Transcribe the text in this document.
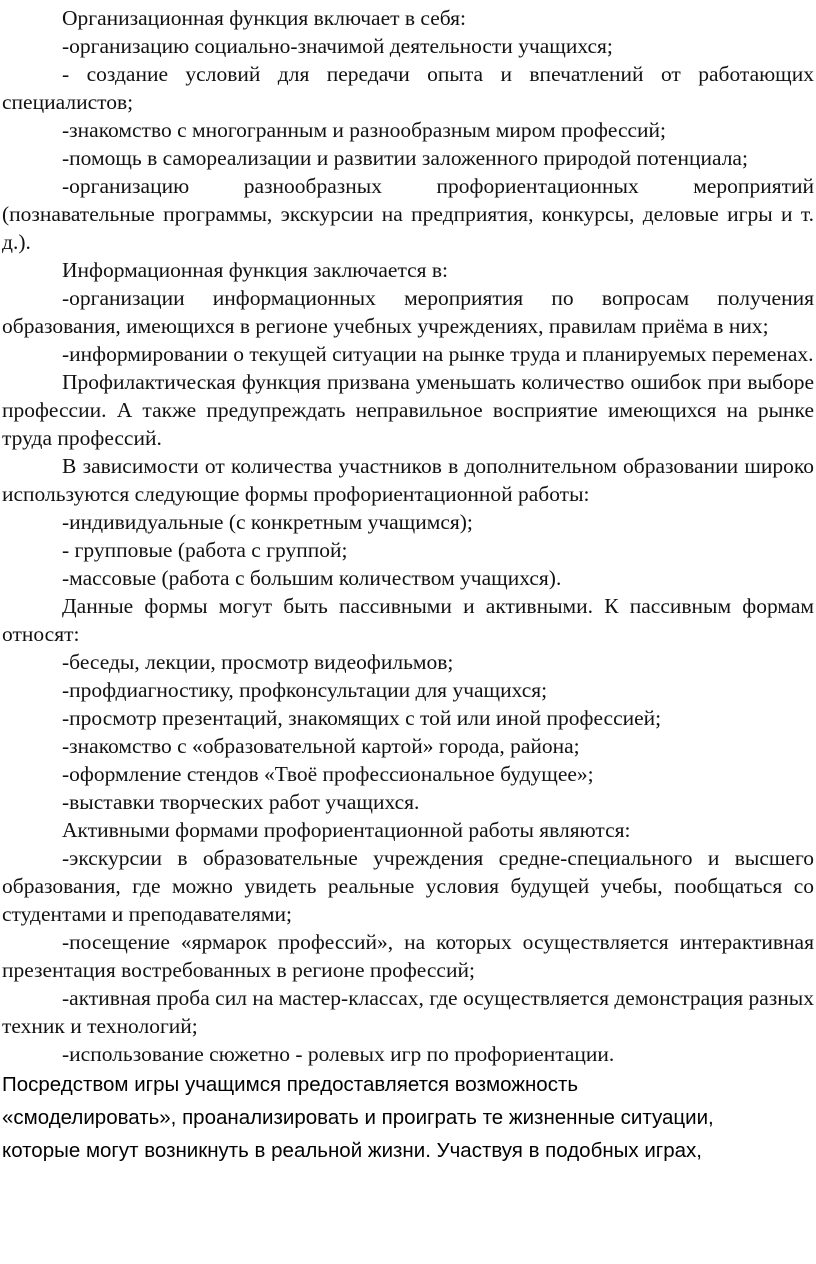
Организационная функция включает в себя:

-организацию социально-значимой деятельности учащихся;

- создание условий для передачи опыта и впечатлений от работающих специалистов;

-знакомство с многогранным и разнообразным миром профессий;

-помощь в самореализации и развитии заложенного природой потенциала;

-организацию разнообразных профориентационных мероприятий (познавательные программы, экскурсии на предприятия, конкурсы, деловые игры и т. д.).

Информационная функция заключается в:

-организации информационных мероприятия по вопросам получения образования, имеющихся в регионе учебных учреждениях, правилам приёма в них;

-информировании о текущей ситуации на рынке труда и планируемых переменах.

Профилактическая функция призвана уменьшать количество ошибок при выборе профессии. А также предупреждать неправильное восприятие имеющихся на рынке труда профессий.

В зависимости от количества участников в дополнительном образовании широко используются следующие формы профориентационной работы:

-индивидуальные (с конкретным учащимся);

- групповые (работа с группой;

-массовые (работа с большим количеством учащихся).

Данные формы могут быть пассивными и активными. К пассивным формам относят:

-беседы, лекции, просмотр видеофильмов;

-профдиагностику, профконсультации для учащихся;

-просмотр презентаций, знакомящих с той или иной профессией;

-знакомство с «образовательной картой» города, района;

-оформление стендов «Твоё профессиональное будущее»;

-выставки творческих работ учащихся.

Активными формами профориентационной работы являются:

-экскурсии в образовательные учреждения средне-специального и высшего образования, где можно увидеть реальные условия будущей учебы, пообщаться со студентами и преподавателями;

-посещение «ярмарок профессий», на которых осуществляется интерактивная презентация востребованных в регионе профессий;

-активная проба сил на мастер-классах, где осуществляется демонстрация разных техник и технологий;

-использование сюжетно - ролевых игр по профориентации.

Посредством игры учащимся предоставляется возможность

«смоделировать», проанализировать и проиграть те жизненные ситуации,

которые могут возникнуть в реальной жизни. Участвуя в подобных играх,
